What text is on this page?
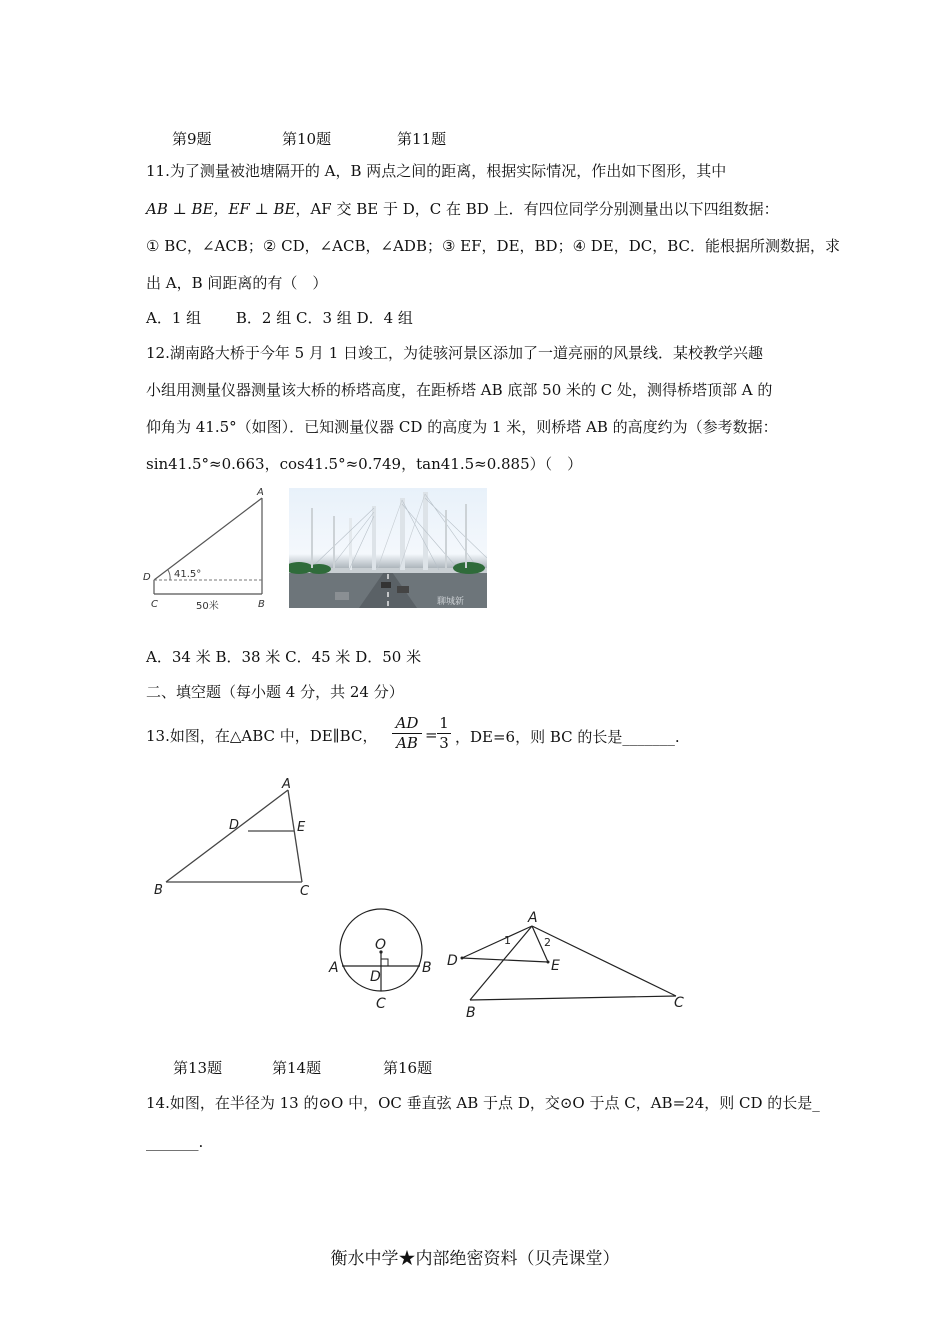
第9题	第10题	第11题
11.为了测量被池塘隔开的 A，B 两点之间的距离，根据实际情况，作出如下图形，其中
AB ⊥ BE，EF ⊥ BE，AF 交 BE 于 D，C 在 BD 上．有四位同学分别测量出以下四组数据：
① BC，∠ACB；② CD，∠ACB，∠ADB；③ EF，DE，BD；④ DE，DC，BC．能根据所测数据，求
出 A，B 间距离的有（　）
A．1 组　　 B．2 组 C．3 组 D．4 组
12.湖南路大桥于今年 5 月 1 日竣工，为徒骇河景区添加了一道亮丽的风景线．某校教学兴趣
小组用测量仪器测量该大桥的桥塔高度，在距桥塔 AB 底部 50 米的 C 处，测得桥塔顶部 A 的
仰角为 41.5°（如图）．已知测量仪器 CD 的高度为 1 米，则桥塔 AB 的高度约为（参考数据：
sin41.5°≈0.663，cos41.5°≈0.749，tan41.5≈0.885）（　）
A
B
C
D 41.5°
50米	聊城新
A．34 米 B．38 米 C．45 米 D．50 米
二、填空题（每小题 4 分，共 24 分）
13.如图，在△ABC 中，DE∥BC， $\frac{AD}{AB} = \frac{1}{3}$ ，DE=6，则 BC 的长是_______.
A
B	C
D	E
O
A	B
D
C
A
B
C
D	E
1	2
第13题	第14题	第16题
14.如图，在半径为 13 的⊙O 中，OC 垂直弦 AB 于点 D，交⊙O 于点 C，AB=24，则 CD 的长是_
_______.
衡水中学★内部绝密资料（贝壳课堂）
